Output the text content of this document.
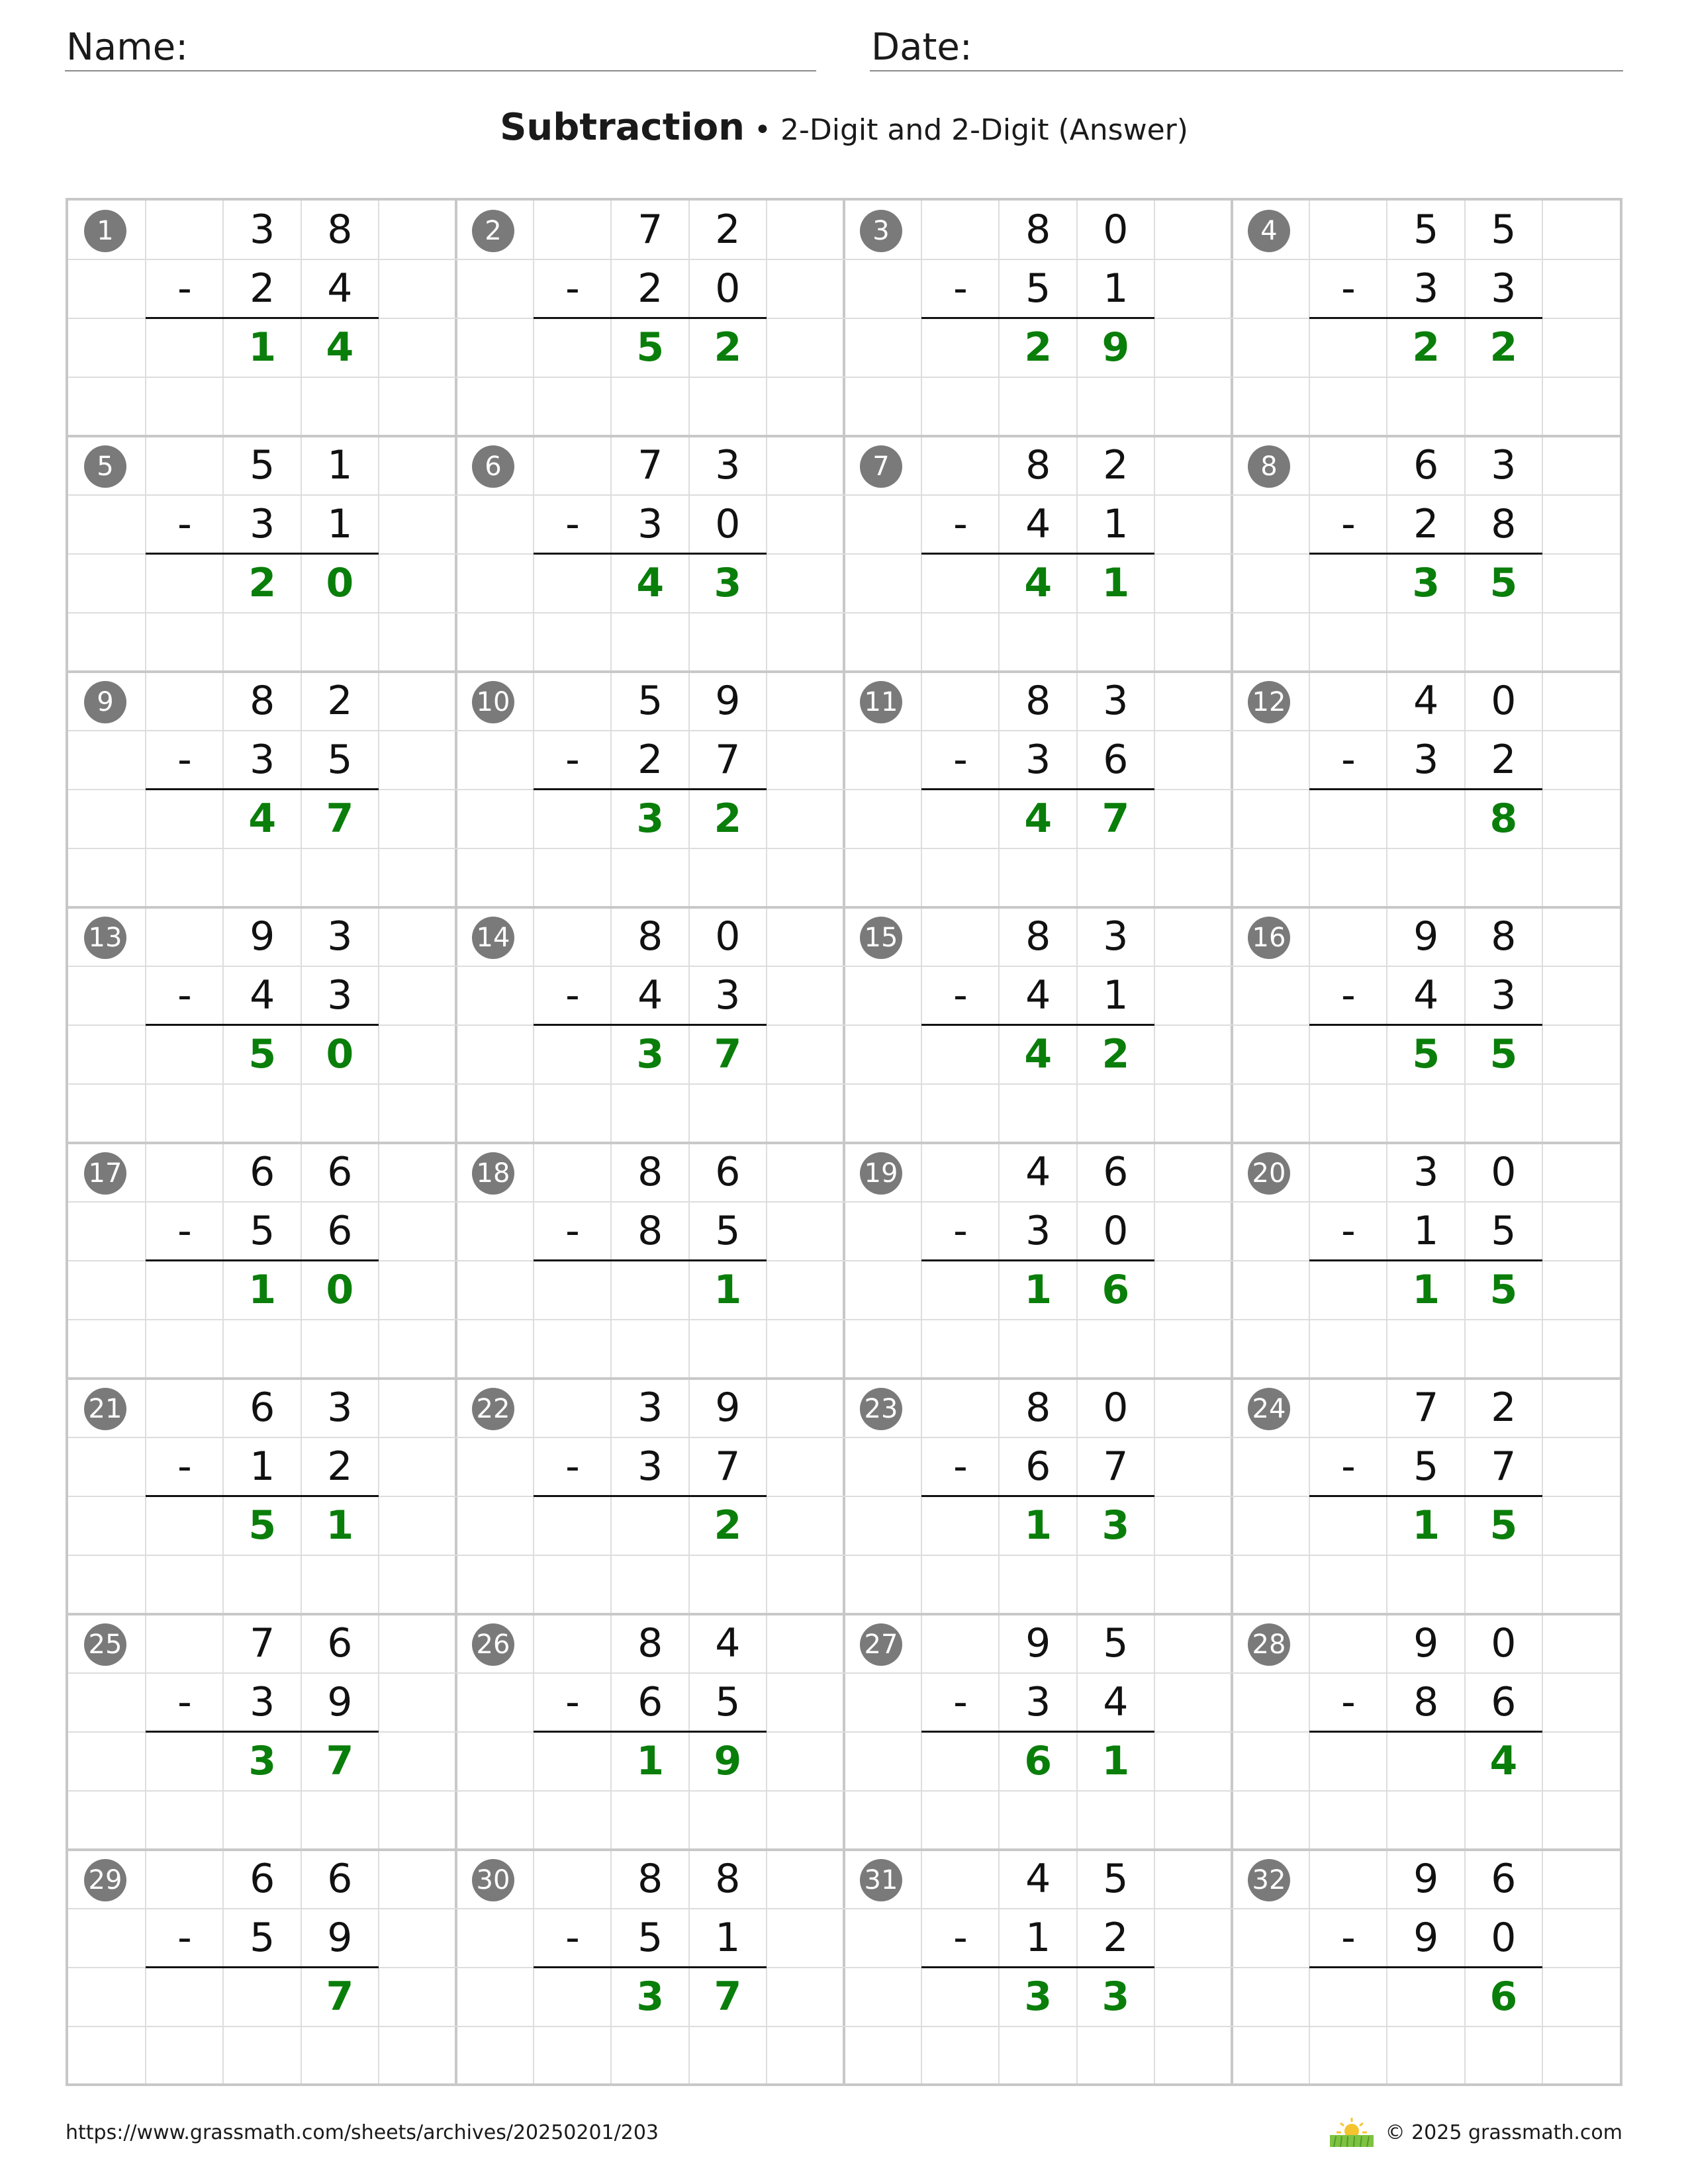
Name:	Date:
Subtraction • 2-Digit and 2-Digit (Answer)
1	3	8
-	2	4
1	4
2	7	2
-	2	0
5	2
3	8	0
-	5	1
2	9
4	5	5
-	3	3
2	2
5	5	1
-	3	1
2	0
6	7	3
-	3	0
4	3
7	8	2
-	4	1
4	1
8	6	3
-	2	8
3	5
9	8	2
-	3	5
4	7
10	5	9
-	2	7
3	2
11	8	3
-	3	6
4	7
12	4	0
-	3	2
8
13	9	3
-	4	3
5	0
14	8	0
-	4	3
3	7
15	8	3
-	4	1
4	2
16	9	8
-	4	3
5	5
17	6	6
-	5	6
1	0
18	8	6
-	8	5
1
19	4	6
-	3	0
1	6
20	3	0
-	1	5
1	5
21	6	3
-	1	2
5	1
22	3	9
-	3	7
2
23	8	0
-	6	7
1	3
24	7	2
-	5	7
1	5
25	7	6
-	3	9
3	7
26	8	4
-	6	5
1	9
27	9	5
-	3	4
6	1
28	9	0
-	8	6
4
29	6	6
-	5	9
7
30	8	8
-	5	1
3	7
31	4	5
-	1	2
3	3
32	9	6
-	9	0
6
https://www.grassmath.com/sheets/archives/20250201/203	© 2025 grassmath.com
